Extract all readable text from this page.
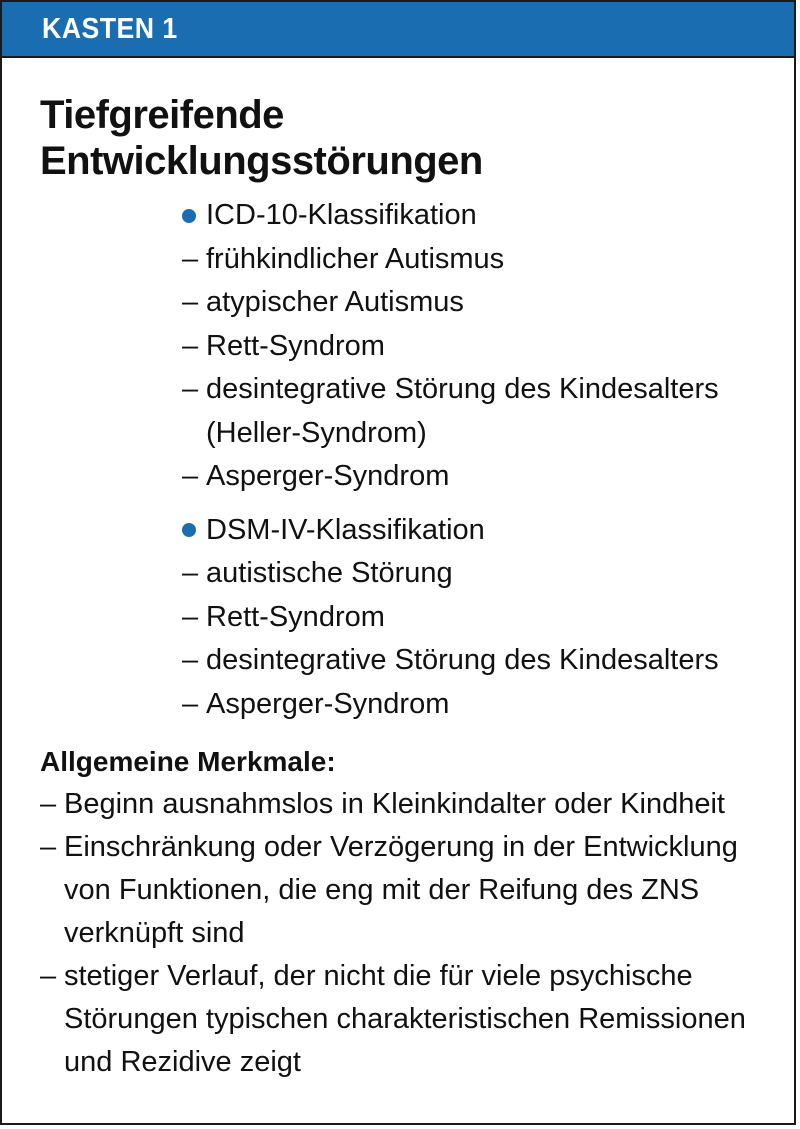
KASTEN 1
Tiefgreifende
Entwicklungsstörungen
ICD-10-Klassifikation
– frühkindlicher Autismus
– atypischer Autismus
– Rett-Syndrom
– desintegrative Störung des Kindesalters (Heller-Syndrom)
– Asperger-Syndrom
DSM-IV-Klassifikation
– autistische Störung
– Rett-Syndrom
– desintegrative Störung des Kindesalters
– Asperger-Syndrom
Allgemeine Merkmale:
– Beginn ausnahmslos in Kleinkindalter oder Kindheit
– Einschränkung oder Verzögerung in der Entwicklung von Funktionen, die eng mit der Reifung des ZNS verknüpft sind
– stetiger Verlauf, der nicht die für viele psychische Störungen typischen charakteristischen Remissionen und Rezidive zeigt
